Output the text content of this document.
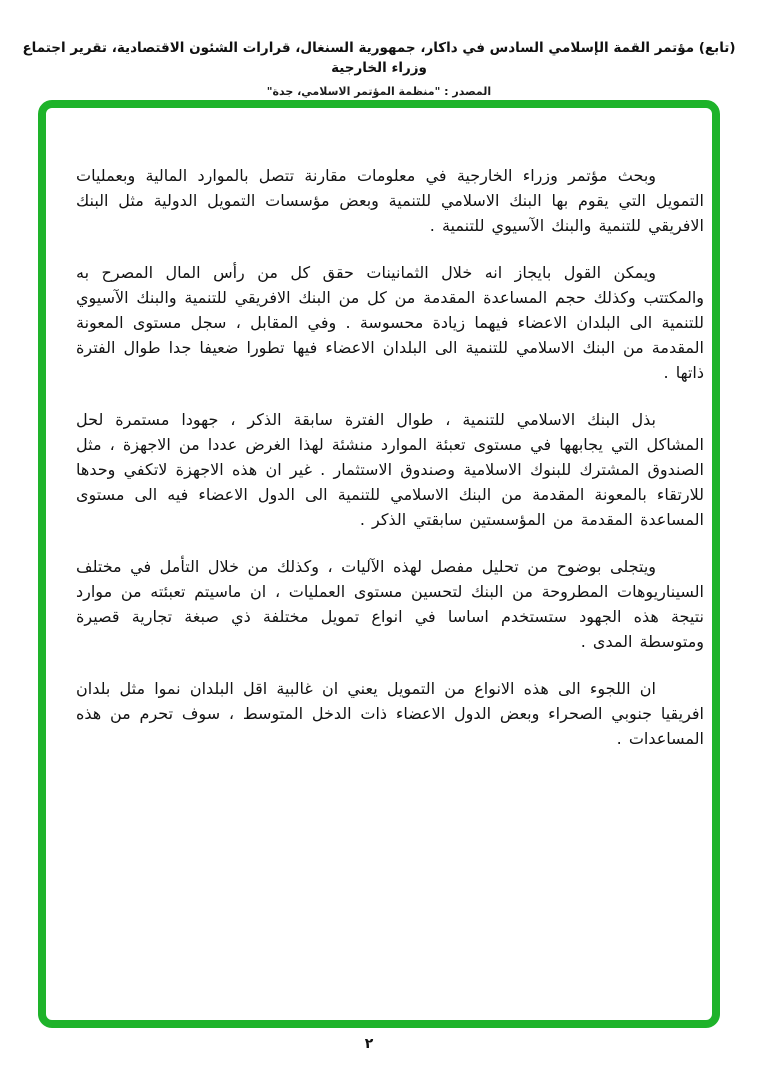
(تابع) مؤتمر القمة الإسلامي السادس في داكار، جمهورية السنغال، قرارات الشئون الاقتصادية، تقرير اجتماع وزراء الخارجية
المصدر : "منظمة المؤتمر الاسلامي، جدة"

وبحث مؤتمر وزراء الخارجية في معلومات مقارنة تتصل بالموارد المالية وبعمليات التمويل التي يقوم بها البنك الاسلامي للتنمية وبعض مؤسسات التمويل الدولية مثل البنك الافريقي للتنمية والبنك الآسيوي للتنمية .

ويمكن القول بايجاز انه خلال الثمانينات حقق كل من رأس المال المصرح به والمكتتب وكذلك حجم المساعدة المقدمة من كل من البنك الافريقي للتنمية والبنك الآسيوي للتنمية الى البلدان الاعضاء فيهما زيادة محسوسة . وفي المقابل ، سجل مستوى المعونة المقدمة من البنك الاسلامي للتنمية الى البلدان الاعضاء فيها تطورا ضعيفا جدا طوال الفترة ذاتها .

بذل البنك الاسلامي للتنمية ، طوال الفترة سابقة الذكر ، جهودا مستمرة لحل المشاكل التي يجابهها في مستوى تعبئة الموارد منشئة لهذا الغرض عددا من الاجهزة ، مثل الصندوق المشترك للبنوك الاسلامية وصندوق الاستثمار . غير ان هذه الاجهزة لاتكفي وحدها للارتقاء بالمعونة المقدمة من البنك الاسلامي للتنمية الى الدول الاعضاء فيه الى مستوى المساعدة المقدمة من المؤسستين سابقتي الذكر .

ويتجلى بوضوح من تحليل مفصل لهذه الآليات ، وكذلك من خلال التأمل في مختلف السيناريوهات المطروحة من البنك لتحسين مستوى العمليات ، ان ماسيتم تعبئته من موارد نتيجة هذه الجهود ستستخدم اساسا في انواع تمويل مختلفة ذي صبغة تجارية قصيرة ومتوسطة المدى .

ان اللجوء الى هذه الانواع من التمويل يعني ان غالبية اقل البلدان نموا مثل بلدان افريقيا جنوبي الصحراء وبعض الدول الاعضاء ذات الدخل المتوسط ، سوف تحرم من هذه المساعدات .

٢
